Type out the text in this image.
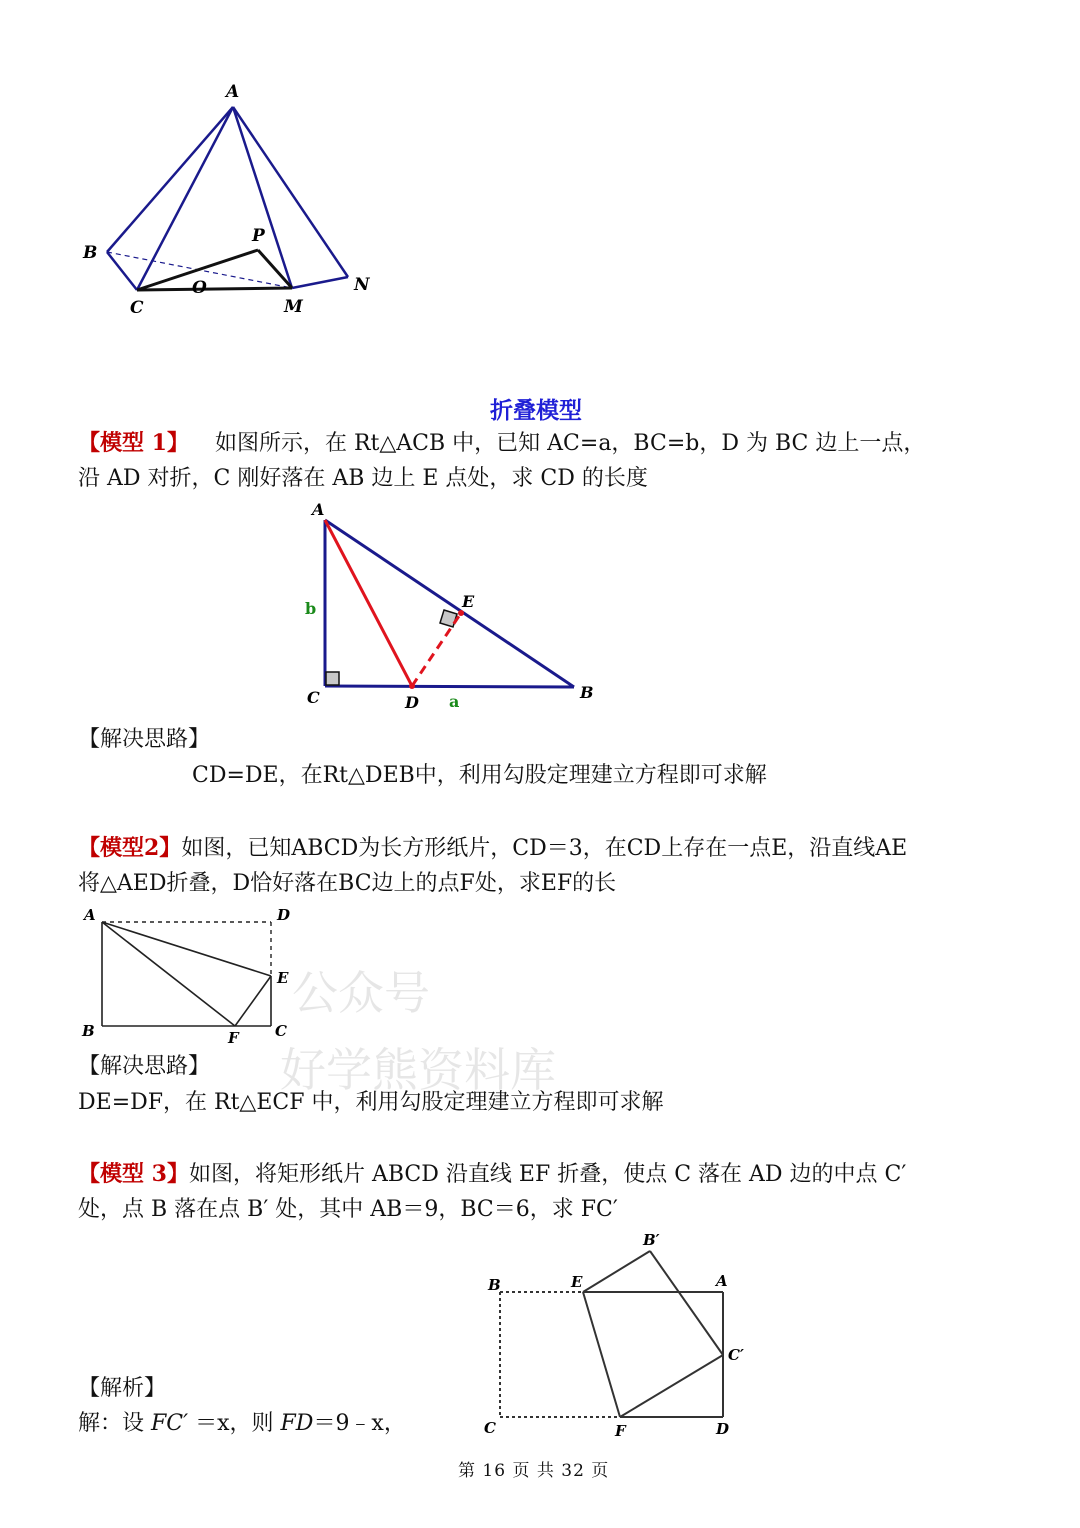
A
B
C
O
P
M
N
折叠模型
【模型 1】 如图所示，在 Rt△ACB 中，已知 AC=a，BC=b，D 为 BC 边上一点，
沿 AD 对折，C 刚好落在 AB 边上 E 点处，求 CD 的长度
A
E
C	D
B
b
a
【解决思路】
CD=DE，在Rt△DEB中，利用勾股定理建立方程即可求解
【模型2】如图，已知ABCD为长方形纸片，CD＝3，在CD上存在一点E，沿直线AE
将△AED折叠，D恰好落在BC边上的点F处，求EF的长
A	D
E
B	C
F
公众号
好学熊资料库
【解决思路】
DE=DF，在 Rt△ECF 中，利用勾股定理建立方程即可求解
【模型 3】如图，将矩形纸片 ABCD 沿直线 EF 折叠，使点 C 落在 AD 边的中点 C′
处，点 B 落在点 B′ 处，其中 AB＝9，BC＝6，求 FC′
B	E
B′
A
C′
C	F	D
【解析】
解：设 FC′ ＝x，则 FD＝9﹣x，
第 16 页 共 32 页
